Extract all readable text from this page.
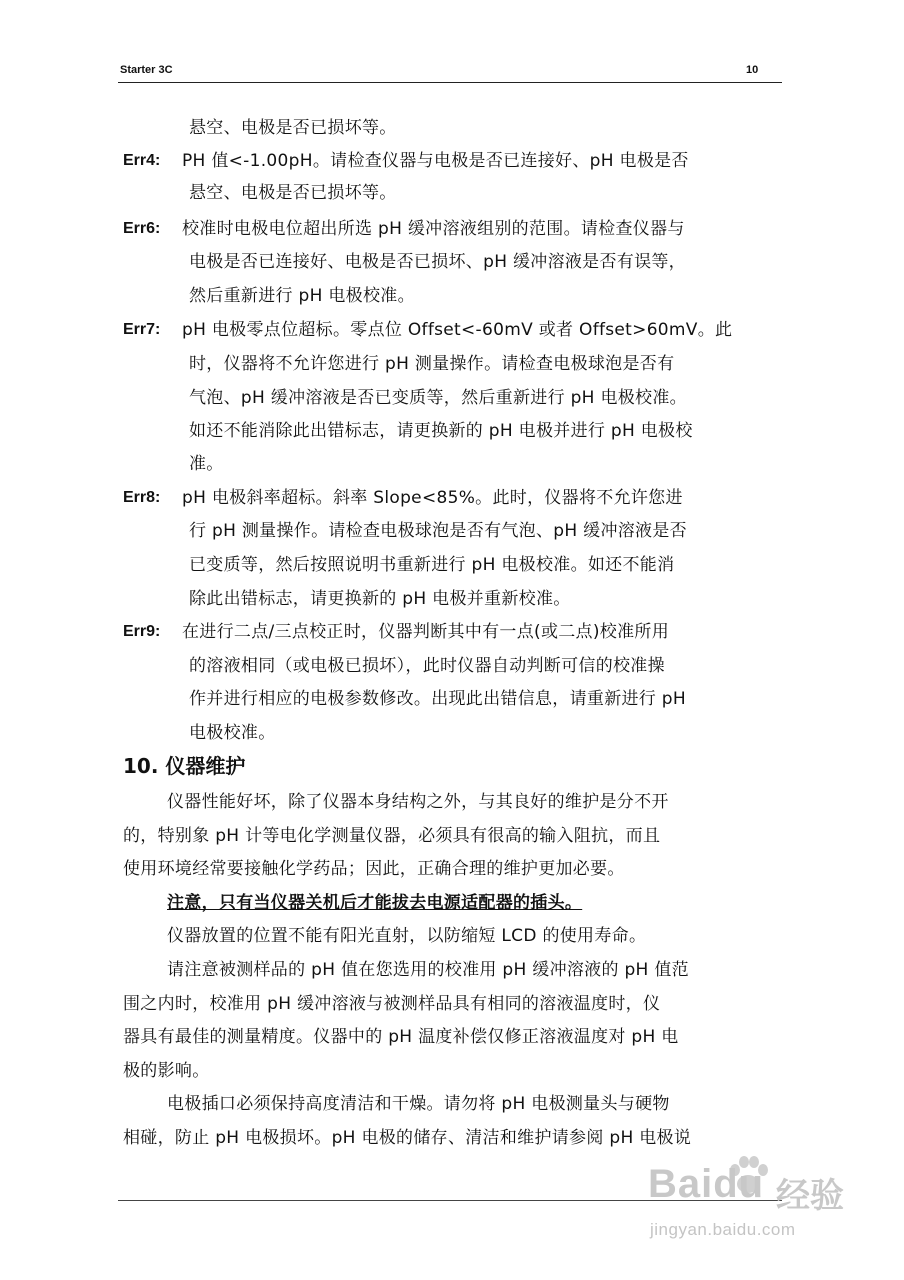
Starter 3C	10
悬空、电极是否已损坏等。
Err4: PH 值<-1.00pH。请检查仪器与电极是否已连接好、pH 电极是否
悬空、电极是否已损坏等。
Err6: 校准时电极电位超出所选 pH 缓冲溶液组别的范围。请检查仪器与
电极是否已连接好、电极是否已损坏、pH 缓冲溶液是否有误等，
然后重新进行 pH 电极校准。
Err7: pH 电极零点位超标。零点位 Offset<-60mV 或者 Offset>60mV。此
时，仪器将不允许您进行 pH 测量操作。请检查电极球泡是否有
气泡、pH 缓冲溶液是否已变质等，然后重新进行 pH 电极校准。
如还不能消除此出错标志，请更换新的 pH 电极并进行 pH 电极校
准。
Err8: pH 电极斜率超标。斜率 Slope<85%。此时，仪器将不允许您进
行 pH 测量操作。请检查电极球泡是否有气泡、pH 缓冲溶液是否
已变质等，然后按照说明书重新进行 pH 电极校准。如还不能消
除此出错标志，请更换新的 pH 电极并重新校准。
Err9: 在进行二点/三点校正时，仪器判断其中有一点(或二点)校准所用
的溶液相同（或电极已损坏），此时仪器自动判断可信的校准操
作并进行相应的电极参数修改。出现此出错信息，请重新进行 pH
电极校准。
10. 仪器维护
仪器性能好坏，除了仪器本身结构之外，与其良好的维护是分不开
的，特别象 pH 计等电化学测量仪器，必须具有很高的输入阻抗，而且
使用环境经常要接触化学药品；因此，正确合理的维护更加必要。
注意，只有当仪器关机后才能拔去电源适配器的插头。
仪器放置的位置不能有阳光直射，以防缩短 LCD 的使用寿命。
请注意被测样品的 pH 值在您选用的校准用 pH 缓冲溶液的 pH 值范
围之内时，校准用 pH 缓冲溶液与被测样品具有相同的溶液温度时，仪
器具有最佳的测量精度。仪器中的 pH 温度补偿仅修正溶液温度对 pH 电
极的影响。
电极插口必须保持高度清洁和干燥。请勿将 pH 电极测量头与硬物
相碰，防止 pH 电极损坏。pH 电极的储存、清洁和维护请参阅 pH 电极说
Baidu 经验
jingyan.baidu.com
